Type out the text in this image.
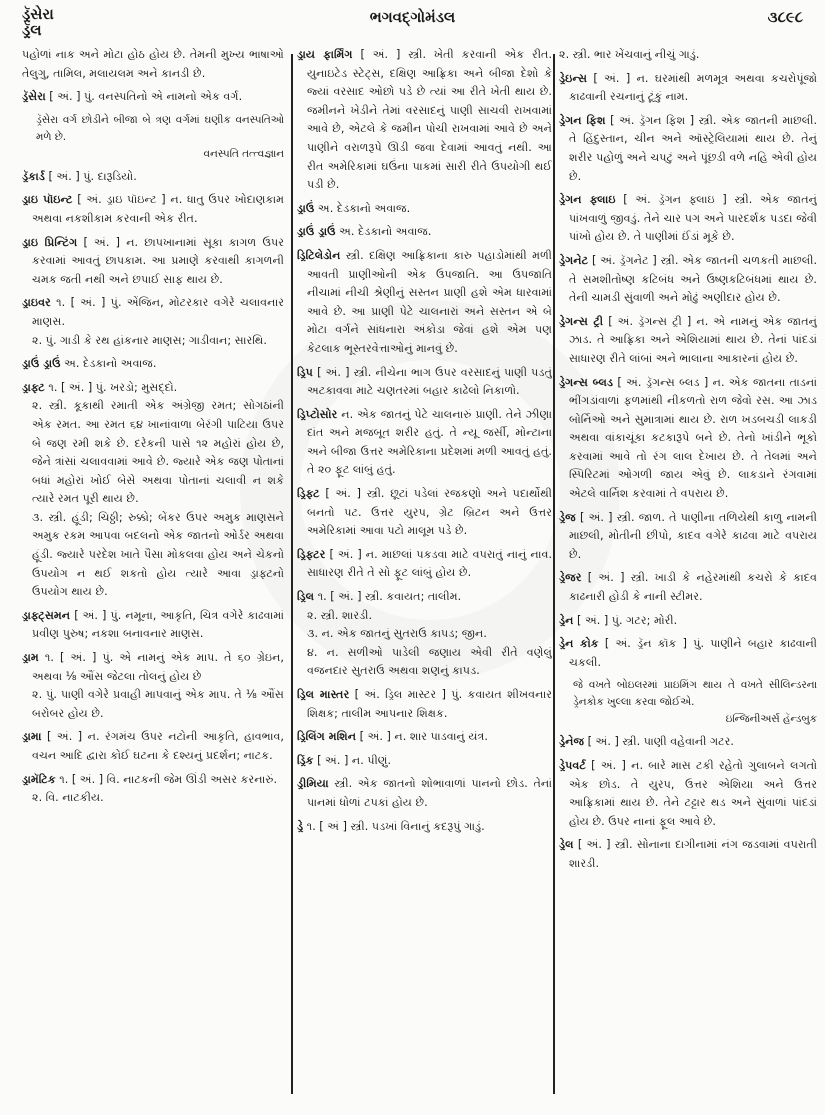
ડ્રૅસેરા
ડ્રૅલ
ભગવદ્ગોમંડલ	૩૮૯૮

પહોળાં નાક અને મોટા હોઠ હોય છે. તેમની મુખ્ય ભાષાઓ તેલુગુ, તામિલ, મલાયલમ અને કાનડી છે.

ડ્રૅસેરા [ અં. ] પું. વનસ્પતિનો એ નામનો એક વર્ગ.

ડ્રૅસેરા વર્ગ છોડીને બીજા બે ત્રણ વર્ગમાં ઘણીક વનસ્પતિઓ મળે છે.
વનસ્પતિ તત્ત્વજ્ઞાન

ડ્રૅકાર્ડ [ અં. ] પું. દારૂડિયો.

ડ્રાઇ પૉઇન્ટ [ અં. ડ્રાઇ પૉઇન્ટ ] ન. ધાતુ ઉપર ખોદાણકામ અથવા નકશીકામ કરવાની એક રીત.

ડ્રાઇ પ્રિન્ટિંગ [ અં. ] ન. છાપખાનામાં સૂકા કાગળ ઉપર કરવામાં આવતું છાપકામ. આ પ્રમાણે કરવાથી કાગળની ચમક જતી નથી અને છપાઈ સાફ થાય છે.

ડ્રાઇવર ૧. [ અં. ] પું. એંજિન, મોટરકાર વગેરે ચલાવનાર માણસ.
૨. પું. ગાડી કે રથ હાંકનાર માણસ; ગાડીવાન; સારથિ.

ડ્રાઉં ડ્રાઉં અ. દેડકાનો અવાજ.

ડ્રાફ્ટ ૧. [ અં. ] પું. ખરડો; મુસદ્દો.
૨. સ્ત્રી. કૂકાથી રમાતી એક અંગ્રેજી રમત; સોગઠાંની એક રમત. આ રમત ૬૪ ખાનાંવાળા બેરંગી પાટિયા ઉપર બે જણ રમી શકે છે. દરેકની પાસે ૧૨ મહોરાં હોય છે, જેને ત્રાંસાં ચલાવવામાં આવે છે. જ્યારે એક જણ પોતાનાં બધાં મહોરાં ખોઈ બેસે અથવા પોતાનાં ચલાવી ન શકે ત્યારે રમત પૂરી થાય છે.
૩. સ્ત્રી. હૂંડી; ચિઠ્ઠી; રુક્કો; બેંકર ઉપર અમુક માણસને અમુક રકમ આપવા બદલનો એક જાતનો ઓર્ડર અથવા હૂંડી. જ્યારે પરદેશ ખાતે પૈસા મોકલવા હોય અને ચેકનો ઉપયોગ ન થઈ શકતો હોય ત્યારે આવા ડ્રાફ્ટનો ઉપયોગ થાય છે.

ડ્રાફ્ટ્સમન [ અં. ] પું. નમૂના, આકૃતિ, ચિત્ર વગેરે કાઢવામાં પ્રવીણ પુરુષ; નકશા બનાવનાર માણસ.

ડ્રામ ૧. [ અં. ] પું. એ નામનું એક માપ. તે ૬૦ ગ્રેઇન, અથવા ⅛ ઔંસ જેટલા તોલનું હોય છે
૨. પું. પાણી વગેરે પ્રવાહી માપવાનું એક માપ. તે ⅛ ઔંસ બરોબર હોય છે.

ડ્રામા [ અં. ] ન. રંગમંચ ઉપર નટોની આકૃતિ, હાવભાવ, વચન આદિ દ્વારા કોઈ ઘટના કે દશ્યનું પ્રદર્શન; નાટક.

ડ્રામૅટિક ૧. [ અં. ] વિ. નાટકની જેમ ઊંડી અસર કરનારું.
૨. વિ. નાટકીય.

ડ્રાય ફાર્મિંગ [ અં. ] સ્ત્રી. ખેતી કરવાની એક રીત. યુનાઇટેડ સ્ટેટ્સ, દક્ષિણ આફ્રિકા અને બીજા દેશો કે જ્યાં વરસાદ ઓછો પડે છે ત્યાં આ રીતે ખેતી થાય છે. જમીનને ખેડીને તેમાં વરસાદનું પાણી સાચવી રાખવામાં આવે છે, એટલે કે જમીન પોચી રાખવામાં આવે છે અને પાણીને વરાળરૂપે ઊડી જવા દેવામાં આવતું નથી. આ રીત અમેરિકામાં ઘઉંના પાકમાં સારી રીતે ઉપયોગી થઈ પડી છે.

ડ્રાઉં અ. દેડકાનો અવાજ.

ડ્રાઉં ડ્રાઉં અ. દેડકાનો અવાજ.

ડ્રિટિલેડોન સ્ત્રી. દક્ષિણ આફ્રિકાના કારુ પહાડોમાંથી મળી આવતી પ્રાણીઓની એક ઉપજાતિ. આ ઉપજાતિ નીચામાં નીચી શ્રેણીનું સસ્તન પ્રાણી હશે એમ ધારવામાં આવે છે. આ પ્રાણી પેટે ચાલનારાં અને સસ્તન એ બે મોટા વર્ગને સાંધનારા અંકોડા જેવાં હશે એમ પણ કેટલાક ભૂસ્તરવેત્તાઓનું માનવું છે.

ડ્રિપ [ અં. ] સ્ત્રી. નીચેના ભાગ ઉપર વરસાદનું પાણી પડતું અટકાવવા માટે ચણતરમાં બહાર કાઢેલો નિકાળો.

ડ્રિપ્ટોસોર ન. એક જાતનું પેટે ચાલનારું પ્રાણી. તેને ઝીણા દાંત અને મજબૂત શરીર હતું. તે ન્યૂ જર્સી, મોન્ટાના અને બીજા ઉત્તર અમેરિકાના પ્રદેશમાં મળી આવતું હતું. તે ૨૦ ફૂટ લાંબું હતું.

ડ્રિફ્ટ [ અં. ] સ્ત્રી. છૂટાં પડેલાં રજકણો અને પદાર્થોથી બનતો પટ. ઉત્તર યુરપ, ગ્રેટ બ્રિટન અને ઉત્તર અમેરિકામાં આવા પટો માલૂમ પડે છે.

ડ્રિફ્ટર [ અં. ] ન. માછલાં પકડવા માટે વપરાતું નાનું નાવ. સાધારણ રીતે તે સો ફૂટ લાંબું હોય છે.

ડ્રિલ ૧. [ અં. ] સ્ત્રી. કવાયત; તાલીમ.
૨. સ્ત્રી. શારડી.
૩. ન. એક જાતનું સુતરાઉ કાપડ; જીન.
૪. ન. સળીઓ પાડેલી જણાય એવી રીતે વણેલું વજનદાર સુતરાઉ અથવા શણનું કાપડ.

ડ્રિલ માસ્તર [ અં. ડ્રિલ માસ્ટર ] પું. કવાયત શીખવનાર શિક્ષક; તાલીમ આપનાર શિક્ષક.

ડ્રિલિંગ મશિન [ અં. ] ન. શાર પાડવાનું યંત્ર.

ડ્રિંક [ અં. ] ન. પીણું.

ડ્રીમિયા સ્ત્રી. એક જાતનો શોભાવાળાં પાનનો છોડ. તેનાં પાનમાં ધોળાં ટપકાં હોય છે.

ડ્રે ૧. [ અં ] સ્ત્રી. પડખાં વિનાનું કદરૂપું ગાડું.

૨. સ્ત્રી. ભાર ખેંચવાનું નીચું ગાડું.

ડ્રેઇન્સ [ અં. ] ન. ઘરમાંથી મળમૂત્ર અથવા કચરોપૂંજો કાઢવાની રચનાનું ટૂંકું નામ.

ડ્રેગન ફિશ [ અં. ડ્રૅગન ફિશ ] સ્ત્રી. એક જાતની માછલી. તે હિંદુસ્તાન, ચીન અને ઑસ્ટ્રેલિયામાં થાય છે. તેનું શરીર પહોળું અને ચપટું અને પૂંછડી વળે નહિ એવી હોય છે.

ડ્રેગન ફ્લાઇ [ અં. ડ્રૅગન ફ્લાઇ ] સ્ત્રી. એક જાતનું પાંખવાળું જીવડું. તેને ચાર પગ અને પારદર્શક પડદા જેવી પાંખો હોય છે. તે પાણીમાં ઈંડાં મૂકે છે.

ડ્રેગનેટ [ અં. ડ્રૅગનેટ ] સ્ત્રી. એક જાતની ચળકતી માછલી. તે સમશીતોષ્ણ કટિબંધ અને ઉષ્ણકટિબંધમાં થાય છે. તેની ચામડી સુંવાળી અને મોઢું અણીદાર હોય છે.

ડ્રેગન્સ ટ્રી [ અં. ડ્રૅગન્સ ટ્રી ] ન. એ નામનું એક જાતનું ઝાડ. તે આફ્રિકા અને એશિયામાં થાય છે. તેનાં પાંદડાં સાધારણ રીતે લાંબાં અને ભાલાના આકારનાં હોય છે.

ડ્રેગન્સ બ્લડ [ અં. ડ્રૅગન્સ બ્લડ ] ન. એક જાતના તાડનાં ભીંગડાંવાળાં ફળમાંથી નીકળતો રાળ જેવો રસ. આ ઝાડ બોર્નિઓ અને સુમાત્રામાં થાય છે. રાળ ખડબચડી લાકડી અથવા વાંકાચૂંકા કટકારૂપે બને છે. તેનો ખાંડીને ભૂકો કરવામાં આવે તો રંગ લાલ દેખાય છે. તે તેલમાં અને સ્પિરિટમાં ઓગળી જાય એવું છે. લાકડાને રંગવામાં એટલે વાર્નિશ કરવામાં તે વપરાય છે.

ડ્રેજ [ અં. ] સ્ત્રી. જાળ. તે પાણીના તળિયેથી કાળુ નામની માછલી, મોતીની છીપો, કાદવ વગેરે કાઢવા માટે વપરાય છે.

ડ્રેજર [ અં. ] સ્ત્રી. ખાડી કે નહેરમાંથી કચરો કે કાદવ કાઢનારી હોડી કે નાની સ્ટીમર.

ડ્રેન [ અં. ] પું. ગટર; મોરી.

ડ્રેન કોક [ અં. ડ્રૅન કૉક ] પું. પાણીને બહાર કાઢવાની ચકલી.

જે વખતે બોઇલરમાં પ્રાઇમિંગ થાય તે વખતે સીલિન્ડરના ડ્રેનકોક ખુલ્લા કરવા જોઈએ.
ઇન્જિનીઅર્સ હૅન્ડબુક

ડ્રેનેજ [ અં. ] સ્ત્રી. પાણી વહેવાની ગટર.

ડ્રેપવર્ટ [ અં. ] ન. બારે માસ ટકી રહેતો ગુલાબને લગતો એક છોડ. તે યુરપ, ઉત્તર એશિયા અને ઉત્તર આફ્રિકામાં થાય છે. તેને ટટ્ટાર થડ અને સુંવાળાં પાંદડાં હોય છે. ઉપર નાનાં ફૂલ આવે છે.

ડ્રેલ [ અં. ] સ્ત્રી. સોનાના દાગીનામાં નંગ જડવામાં વપરાતી શારડી.
